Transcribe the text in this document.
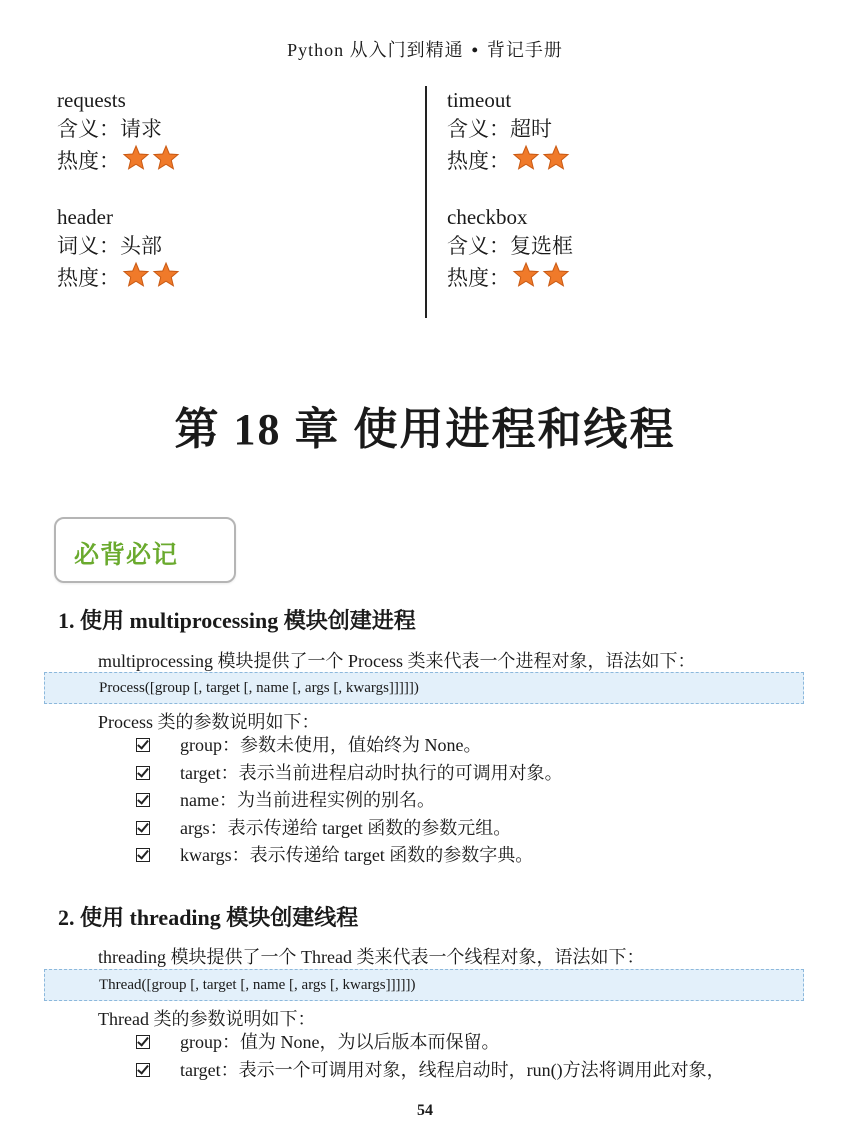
Python 从入门到精通 • 背记手册
requests
含义：请求
热度：
timeout
含义：超时
热度：
header
词义：头部
热度：
checkbox
含义：复选框
热度：
第 18 章 使用进程和线程
必背必记
1. 使用 multiprocessing 模块创建进程
multiprocessing 模块提供了一个 Process 类来代表一个进程对象，语法如下：
Process([group [, target [, name [, args [, kwargs]]]]])
Process 类的参数说明如下：
group：参数未使用，值始终为 None。
target：表示当前进程启动时执行的可调用对象。
name：为当前进程实例的别名。
args：表示传递给 target 函数的参数元组。
kwargs：表示传递给 target 函数的参数字典。
2. 使用 threading 模块创建线程
threading 模块提供了一个 Thread 类来代表一个线程对象，语法如下：
Thread([group [, target [, name [, args [, kwargs]]]]])
Thread 类的参数说明如下：
group：值为 None，为以后版本而保留。
target：表示一个可调用对象，线程启动时，run()方法将调用此对象，
54
